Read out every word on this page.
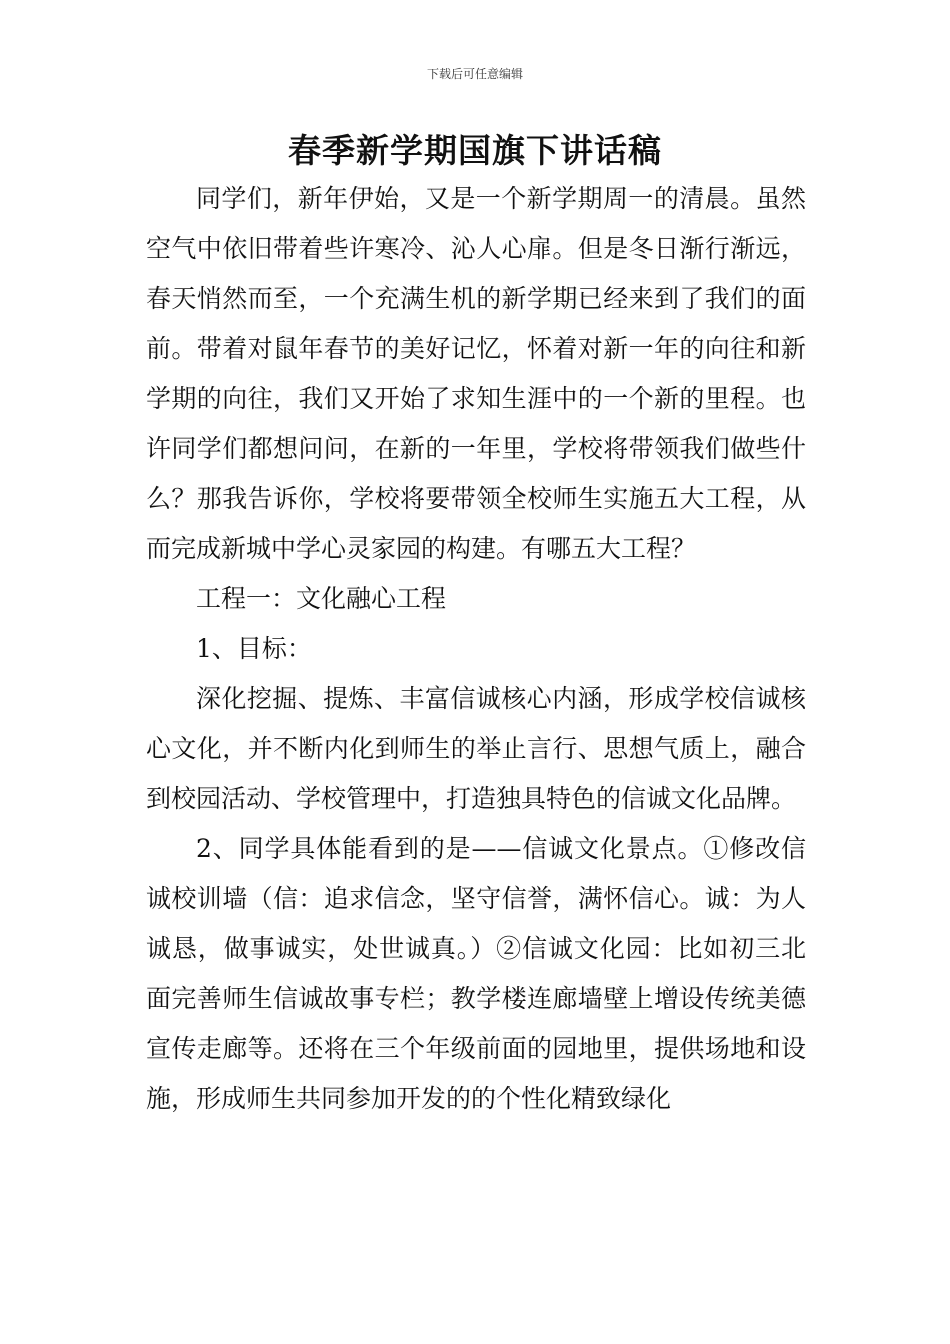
下载后可任意编辑
春季新学期国旗下讲话稿

同学们，新年伊始，又是一个新学期周一的清晨。虽然空气中依旧带着些许寒冷、沁人心扉。但是冬日渐行渐远，春天悄然而至，一个充满生机的新学期已经来到了我们的面前。带着对鼠年春节的美好记忆，怀着对新一年的向往和新学期的向往，我们又开始了求知生涯中的一个新的里程。也许同学们都想问问，在新的一年里，学校将带领我们做些什么？那我告诉你，学校将要带领全校师生实施五大工程，从而完成新城中学心灵家园的构建。有哪五大工程？

工程一：文化融心工程

1、目标：

深化挖掘、提炼、丰富信诚核心内涵，形成学校信诚核心文化，并不断内化到师生的举止言行、思想气质上，融合到校园活动、学校管理中，打造独具特色的信诚文化品牌。

2、同学具体能看到的是——信诚文化景点。①修改信诚校训墙（信：追求信念，坚守信誉，满怀信心。诚：为人诚恳，做事诚实，处世诚真。）②信诚文化园：比如初三北面完善师生信诚故事专栏；教学楼连廊墙壁上增设传统美德宣传走廊等。还将在三个年级前面的园地里，提供场地和设施，形成师生共同参加开发的的个性化精致绿化
